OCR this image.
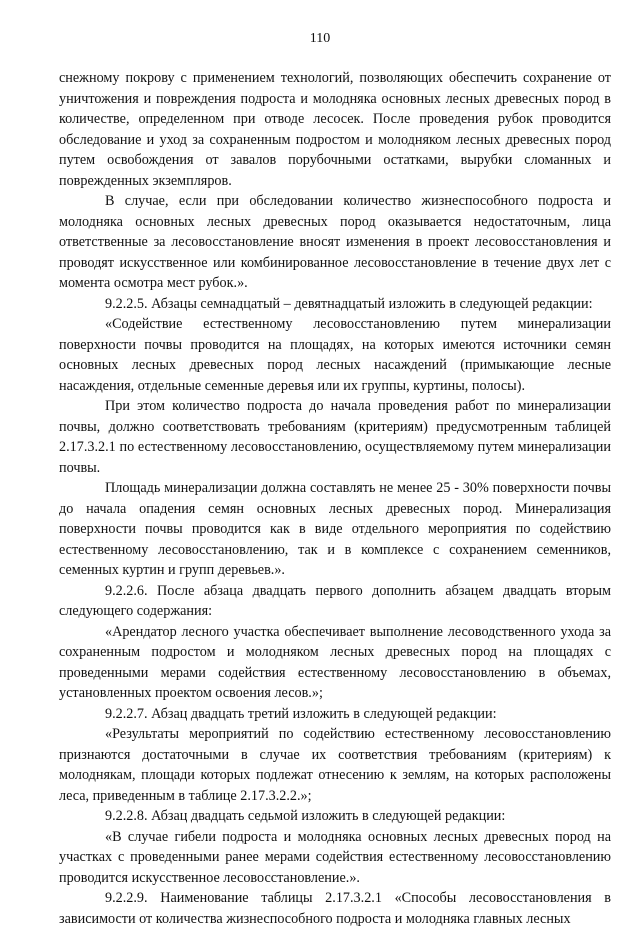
110

снежному покрову с применением технологий, позволяющих обеспечить сохранение от уничтожения и повреждения подроста и молодняка основных лесных древесных пород в количестве, определенном при отводе лесосек. После проведения рубок проводится обследование и уход за сохраненным подростом и молодняком лесных древесных пород путем освобождения от завалов порубочными остатками, вырубки сломанных и поврежденных экземпляров.

В случае, если при обследовании количество жизнеспособного подроста и молодняка основных лесных древесных пород оказывается недостаточным, лица ответственные за лесовосстановление вносят изменения в проект лесовосстановления и проводят искусственное или комбинированное лесовосстановление в течение двух лет с момента осмотра мест рубок.».

9.2.2.5. Абзацы семнадцатый – девятнадцатый изложить в следующей редакции:

«Содействие естественному лесовосстановлению путем минерализации поверхности почвы проводится на площадях, на которых имеются источники семян основных лесных древесных пород лесных насаждений (примыкающие лесные насаждения, отдельные семенные деревья или их группы, куртины, полосы).

При этом количество подроста до начала проведения работ по минерализации почвы, должно соответствовать требованиям (критериям) предусмотренным таблицей 2.17.3.2.1 по естественному лесовосстановлению, осуществляемому путем минерализации почвы.

Площадь минерализации должна составлять не менее 25 - 30% поверхности почвы до начала опадения семян основных лесных древесных пород. Минерализация поверхности почвы проводится как в виде отдельного мероприятия по содействию естественному лесовосстановлению, так и в комплексе с сохранением семенников, семенных куртин и групп деревьев.».

9.2.2.6. После абзаца двадцать первого дополнить абзацем двадцать вторым следующего содержания:

«Арендатор лесного участка обеспечивает выполнение лесоводственного ухода за сохраненным подростом и молодняком лесных древесных пород на площадях с проведенными мерами содействия естественному лесовосстановлению в объемах, установленных проектом освоения лесов.»;

9.2.2.7. Абзац двадцать третий изложить в следующей редакции:

«Результаты мероприятий по содействию естественному лесовосстановлению признаются достаточными в случае их соответствия требованиям (критериям) к молоднякам, площади которых подлежат отнесению к землям, на которых расположены леса, приведенным в таблице 2.17.3.2.2.»;

9.2.2.8. Абзац двадцать седьмой изложить в следующей редакции:

«В случае гибели подроста и молодняка основных лесных древесных пород на участках с проведенными ранее мерами содействия естественному лесовосстановлению проводится искусственное лесовосстановление.».

9.2.2.9. Наименование таблицы 2.17.3.2.1 «Способы лесовосстановления в зависимости от количества жизнеспособного подроста и молодняка главных лесных
